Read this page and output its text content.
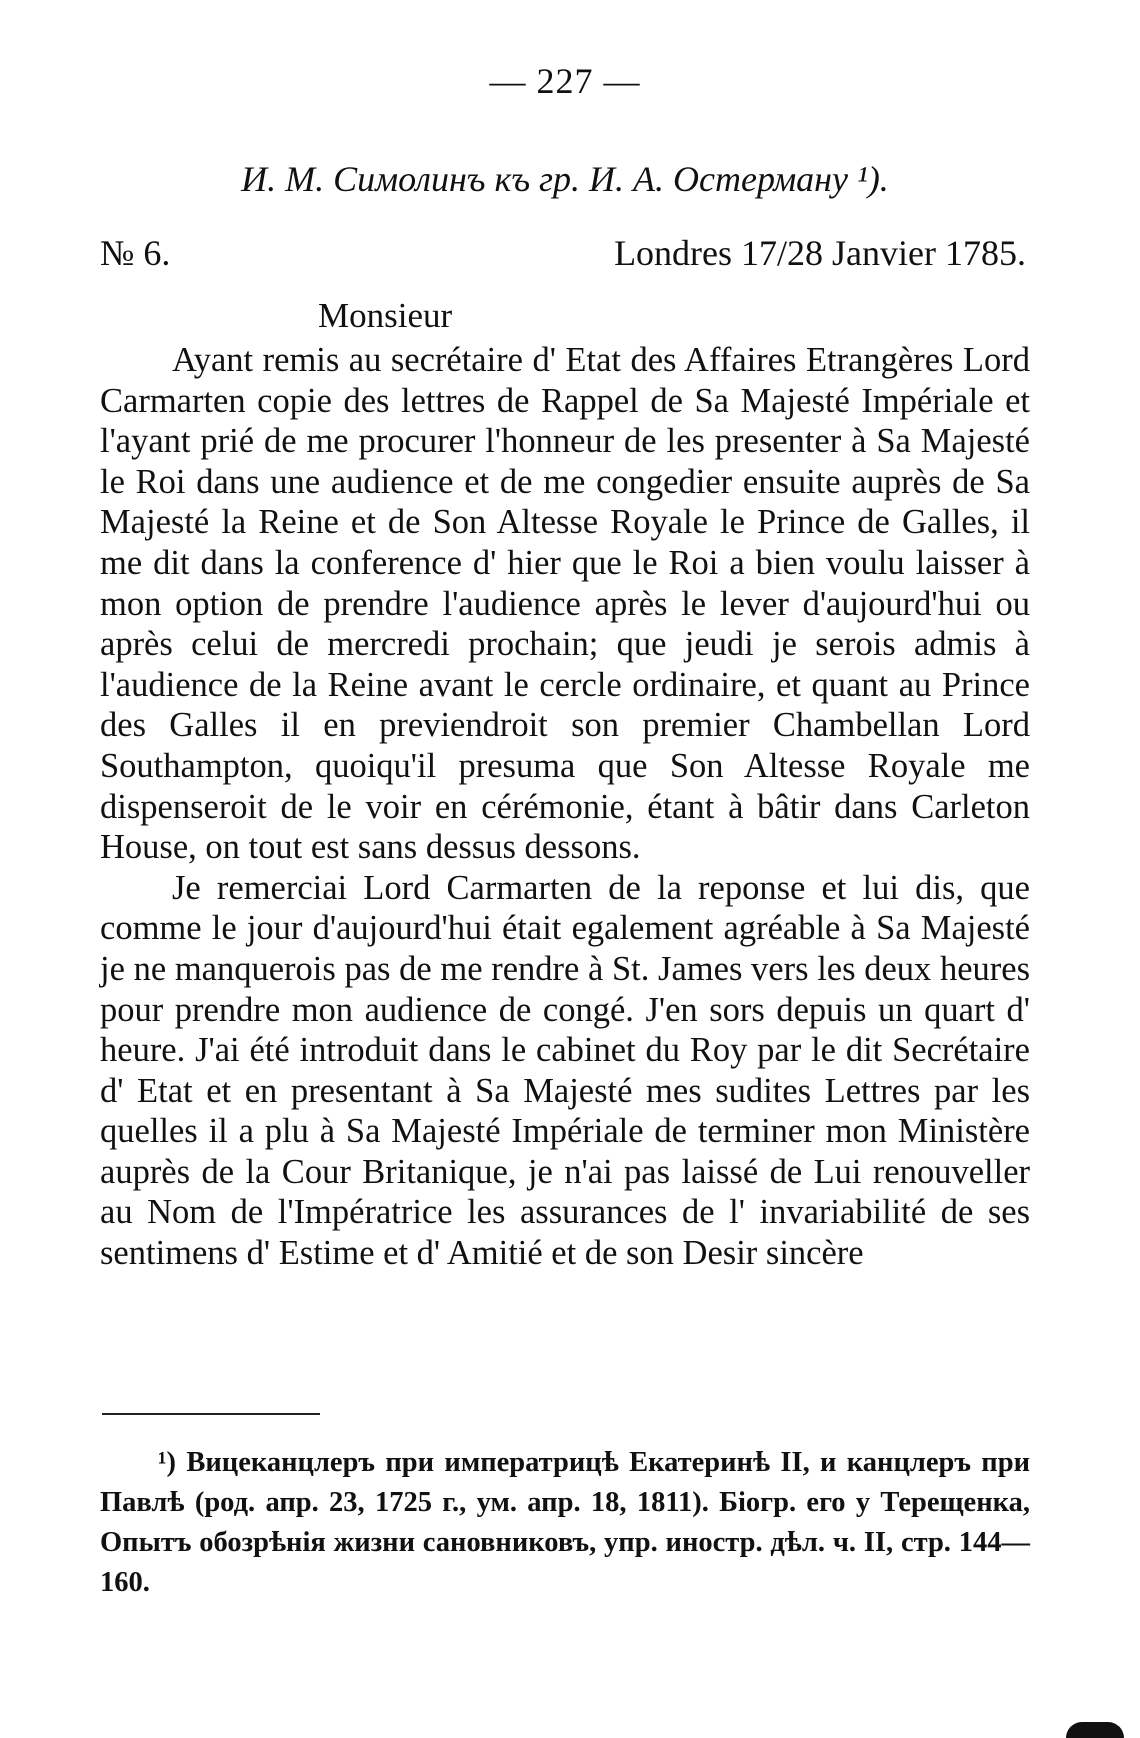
— 227 —
И. М. Симолинъ къ гр. И. А. Остерману ¹).
№ 6.	Londres 17/28 Janvier 1785.
Monsieur

Ayant remis au secrétaire d' Etat des Affaires Etrangères Lord Carmarten copie des lettres de Rappel de Sa Majesté Impériale et l'ayant prié de me procurer l'honneur de les presenter à Sa Majesté le Roi dans une audience et de me congedier ensuite auprès de Sa Majesté la Reine et de Son Altesse Royale le Prince de Galles, il me dit dans la conference d' hier que le Roi a bien voulu laisser à mon option de prendre l'audience après le lever d'aujourd'hui ou après celui de mercredi prochain; que jeudi je serois admis à l'audience de la Reine avant le cercle ordinaire, et quant au Prince des Galles il en previendroit son premier Chambellan Lord Southampton, quoiqu'il presuma que Son Altesse Royale me dispenseroit de le voir en cérémonie, étant à bâtir dans Carleton House, on tout est sans dessus dessons.

Je remerciai Lord Carmarten de la reponse et lui dis, que comme le jour d'aujourd'hui était egalement agréable à Sa Majesté je ne manquerois pas de me rendre à St. James vers les deux heures pour prendre mon audience de congé. J'en sors depuis un quart d' heure. J'ai été introduit dans le cabinet du Roy par le dit Secrétaire d' Etat et en presentant à Sa Majesté mes sudites Lettres par les quelles il a plu à Sa Majesté Impériale de terminer mon Ministère auprès de la Cour Britanique, je n'ai pas laissé de Lui renouveller au Nom de l'Impératrice les assurances de l' invariabilité de ses sentimens d' Estime et d' Amitié et de son Desir sincère

¹) Вицеканцлеръ при императрицѣ Екатеринѣ II, и канцлеръ при Павлѣ (род. апр. 23, 1725 г., ум. апр. 18, 1811). Біогр. его у Терещенка, Опытъ обозрѣнія жизни сановниковъ, упр. иностр. дѣл. ч. II, стр. 144—160.
